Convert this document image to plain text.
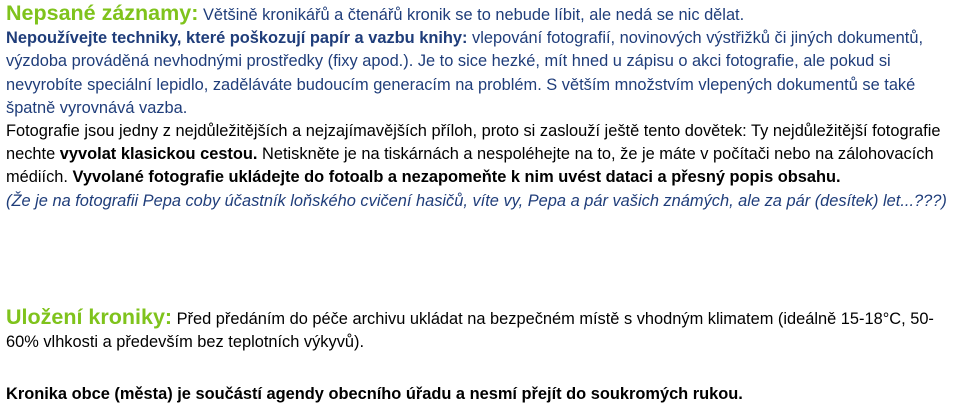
Nepsané záznamy: Většině kronikářů a čtenářů kronik se to nebude líbit, ale nedá se nic dělat.

Nepoužívejte techniky, které poškozují papír a vazbu knihy: vlepování fotografií, novinových výstřižků či jiných dokumentů, výzdoba prováděná nevhodnými prostředky (fixy apod.). Je to sice hezké, mít hned u zápisu o akci fotografie, ale pokud si nevyrobíte speciální lepidlo, zaděláváte budoucím generacím na problém. S větším množstvím vlepených dokumentů se také špatně vyrovnává vazba.

Fotografie jsou jedny z nejdůležitějších a nejzajímavějších příloh, proto si zaslouží ještě tento dovětek: Ty nejdůležitější fotografie nechte vyvolat klasickou cestou. Netiskněte je na tiskárnách a nespoléhejte na to, že je máte v počítači nebo na zálohovacích médiích. Vyvolané fotografie ukládejte do fotoalb a nezapomeňte k nim uvést dataci a přesný popis obsahu.

(Že je na fotografii Pepa coby účastník loňského cvičení hasičů, víte vy, Pepa a pár vašich známých, ale za pár (desítek) let...???)

Uložení kroniky: Před předáním do péče archivu ukládat na bezpečném místě s vhodným klimatem (ideálně 15-18°C, 50-60% vlhkosti a především bez teplotních výkyvů).

Kronika obce (města) je součástí agendy obecního úřadu a nesmí přejít do soukromých rukou.
